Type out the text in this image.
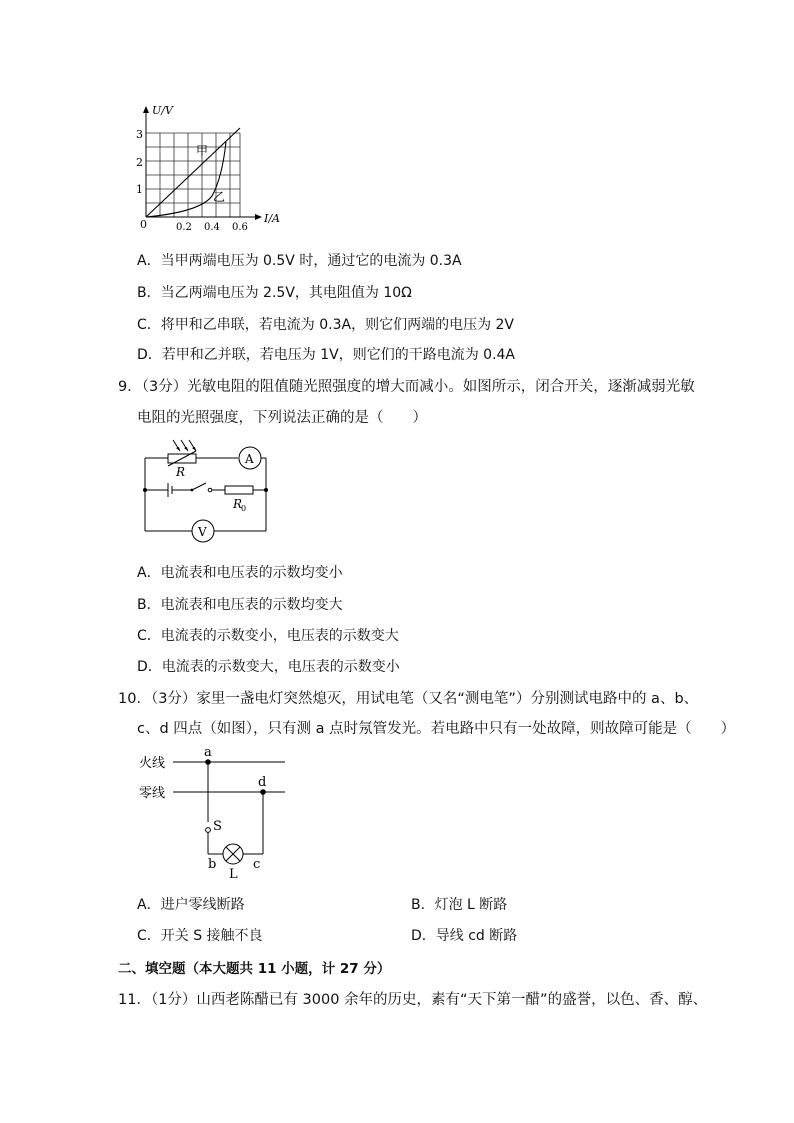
U/V
I/A
0	0.2 0.4 0.6
1
2
3
甲
乙
A．当甲两端电压为 0.5V 时，通过它的电流为 0.3A
B．当乙两端电压为 2.5V，其电阻值为 10Ω
C．将甲和乙串联，若电流为 0.3A，则它们两端的电压为 2V
D．若甲和乙并联，若电压为 1V，则它们的干路电流为 0.4A
9．（3分）光敏电阻的阻值随光照强度的增大而减小。如图所示，闭合开关，逐渐减弱光敏
电阻的光照强度，下列说法正确的是（　　）
R
R
0
A
V
A．电流表和电压表的示数均变小
B．电流表和电压表的示数均变大
C．电流表的示数变小，电压表的示数变大
D．电流表的示数变大，电压表的示数变小
10．（3分）家里一盏电灯突然熄灭，用试电笔（又名“测电笔”）分别测试电路中的 a、b、
c、d 四点（如图），只有测 a 点时氖管发光。若电路中只有一处故障，则故障可能是（　　）
火线
零线
a
d
S
b	c
L
A．进户零线断路	B．灯泡 L 断路
C．开关 S 接触不良	D．导线 cd 断路
二、填空题（本大题共 11 小题，计 27 分）
11．（1分）山西老陈醋已有 3000 余年的历史，素有“天下第一醋”的盛誉，以色、香、醇、
